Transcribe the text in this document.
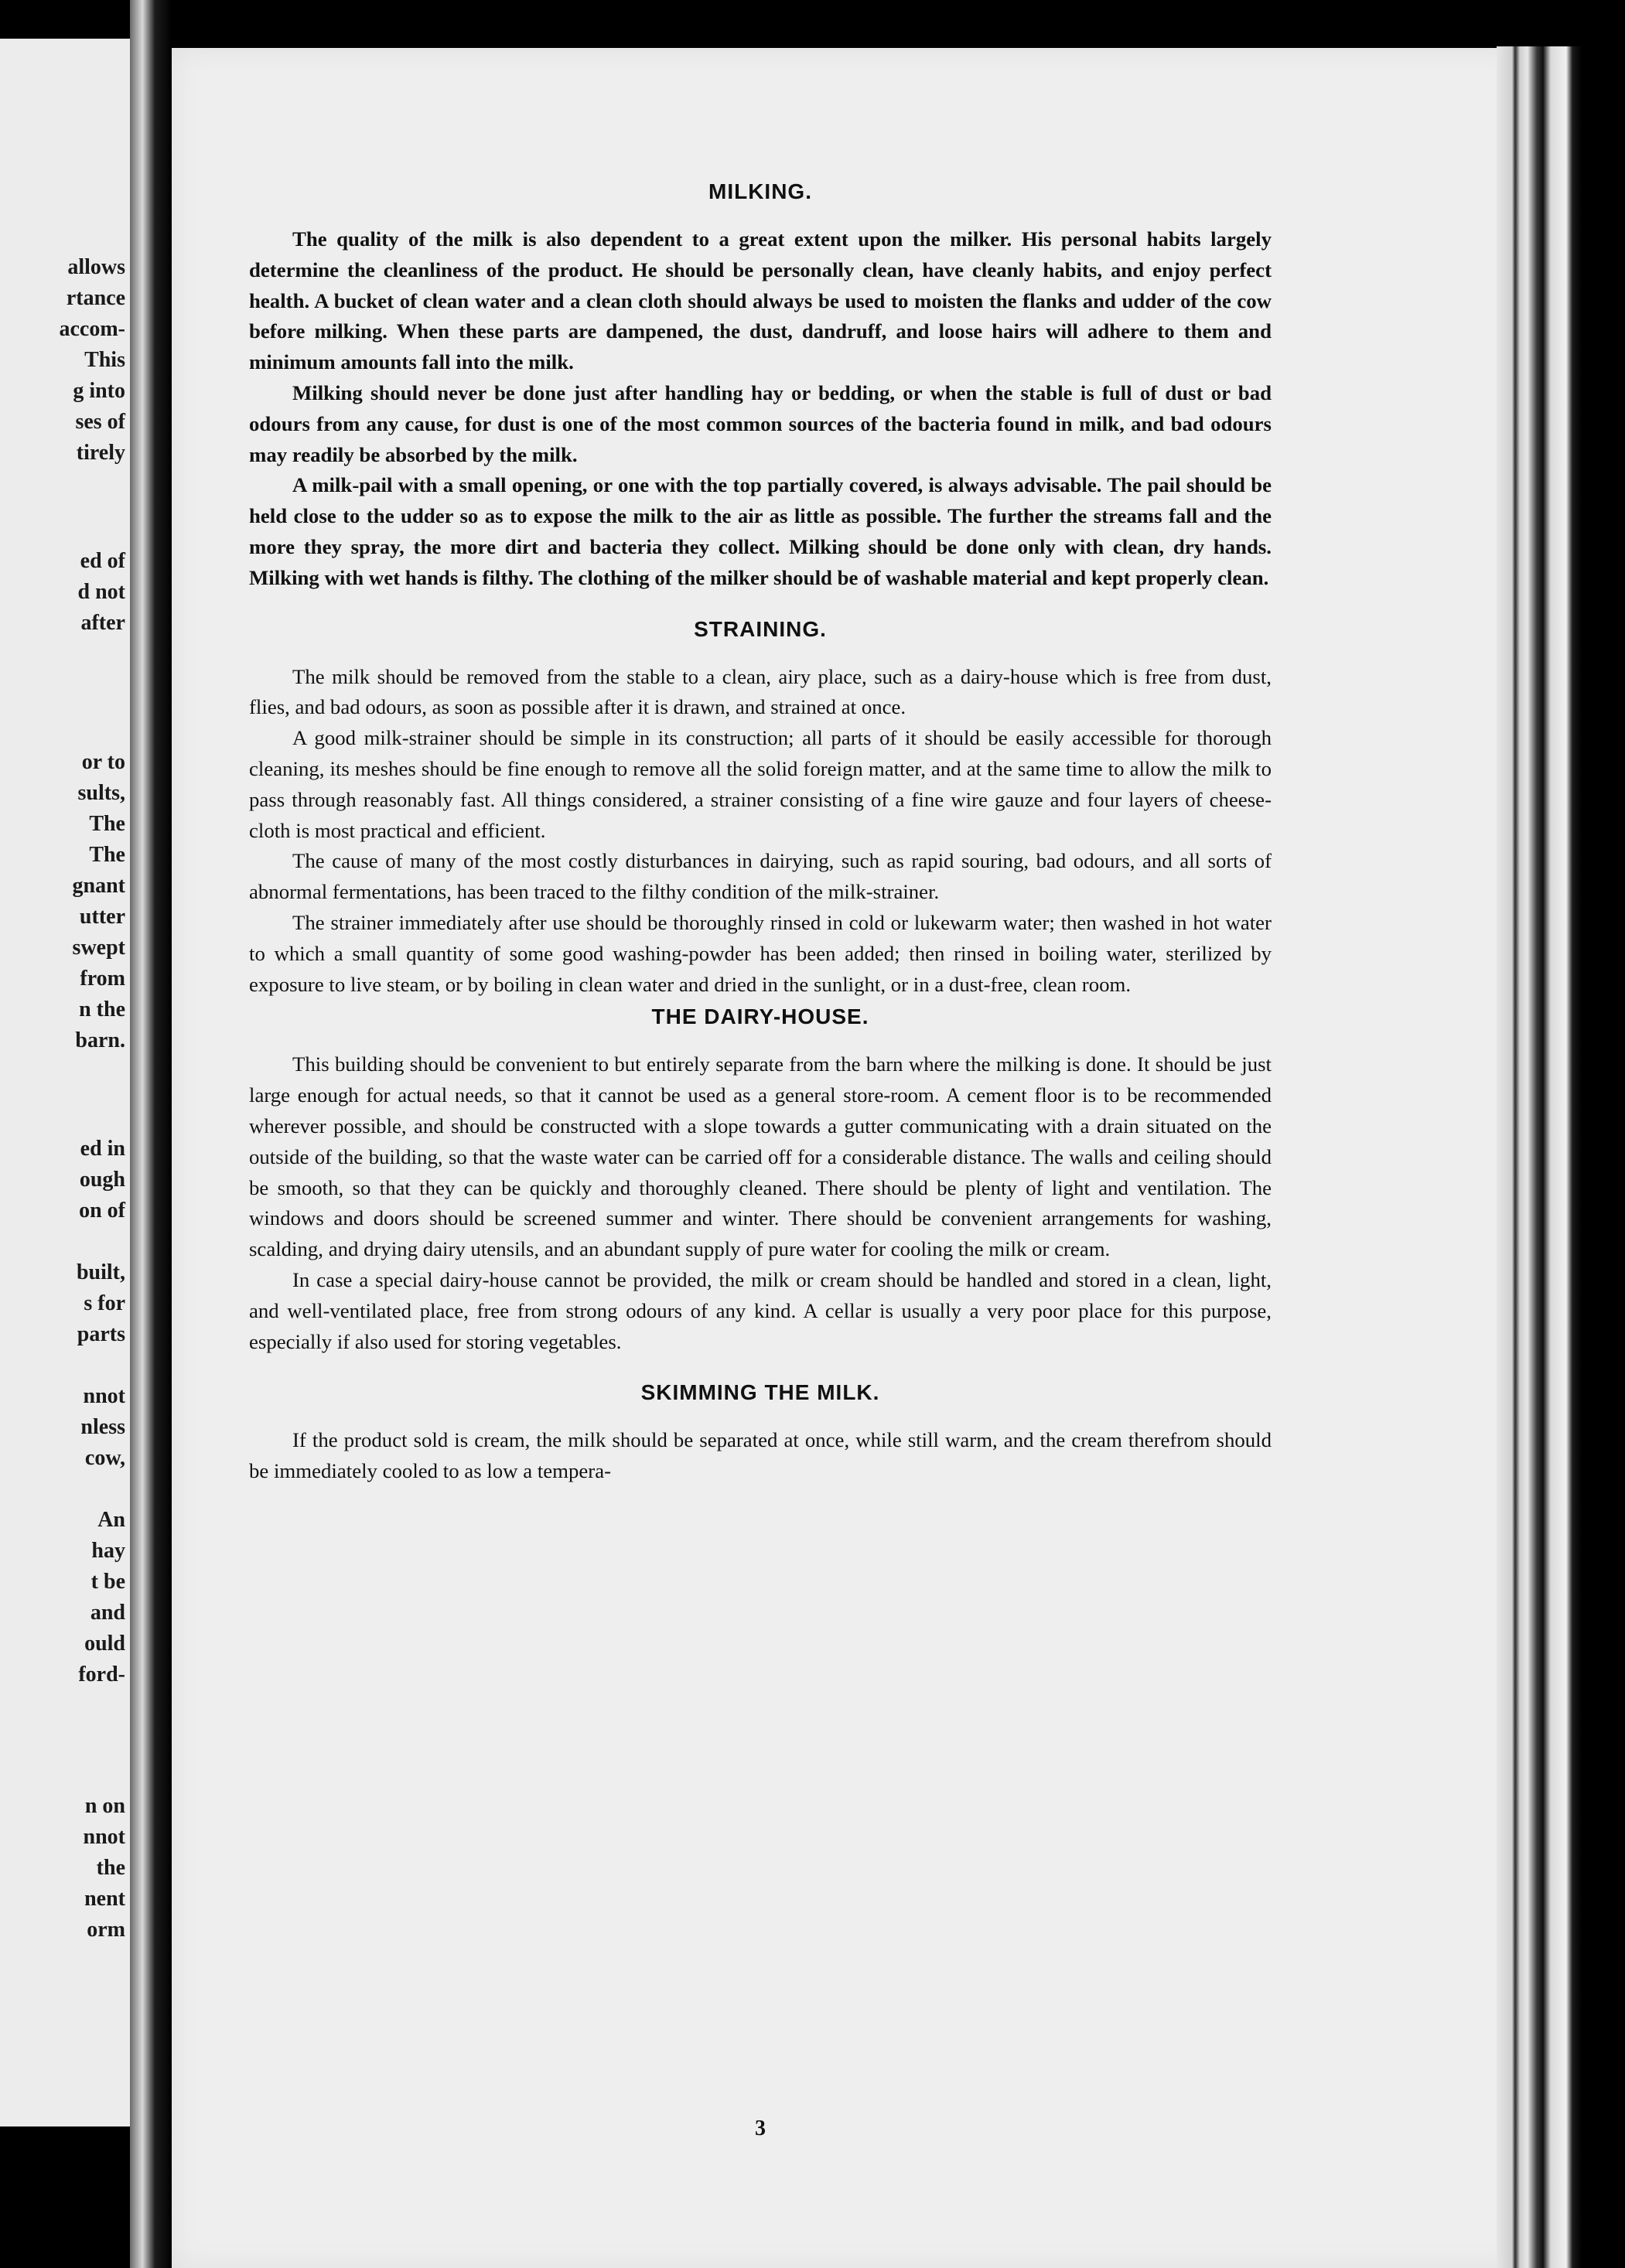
allows
rtance
accom-
This
g into
ses of
tirely
ed of
d not
after
or to
sults,
The
The
gnant
utter
swept
from
n the
barn.
ed in
ough
on of
built,
s for
parts
nnot
nless
cow,
An
hay
t be
and
ould
ford-
n on
nnot
the
nent
orm
MILKING.

The quality of the milk is also dependent to a great extent upon the milker. His personal habits largely determine the cleanliness of the product. He should be personally clean, have cleanly habits, and enjoy perfect health. A bucket of clean water and a clean cloth should always be used to moisten the flanks and udder of the cow before milking. When these parts are dampened, the dust, dandruff, and loose hairs will adhere to them and minimum amounts fall into the milk.

Milking should never be done just after handling hay or bedding, or when the stable is full of dust or bad odours from any cause, for dust is one of the most common sources of the bacteria found in milk, and bad odours may readily be absorbed by the milk.

A milk-pail with a small opening, or one with the top partially covered, is always advisable. The pail should be held close to the udder so as to expose the milk to the air as little as possible. The further the streams fall and the more they spray, the more dirt and bacteria they collect. Milking should be done only with clean, dry hands. Milking with wet hands is filthy. The clothing of the milker should be of washable material and kept properly clean.

STRAINING.

The milk should be removed from the stable to a clean, airy place, such as a dairy-house which is free from dust, flies, and bad odours, as soon as possible after it is drawn, and strained at once.

A good milk-strainer should be simple in its construction; all parts of it should be easily accessible for thorough cleaning, its meshes should be fine enough to remove all the solid foreign matter, and at the same time to allow the milk to pass through reasonably fast. All things considered, a strainer consisting of a fine wire gauze and four layers of cheese-cloth is most practical and efficient.

The cause of many of the most costly disturbances in dairying, such as rapid souring, bad odours, and all sorts of abnormal fermentations, has been traced to the filthy condition of the milk-strainer.

The strainer immediately after use should be thoroughly rinsed in cold or lukewarm water; then washed in hot water to which a small quantity of some good washing-powder has been added; then rinsed in boiling water, sterilized by exposure to live steam, or by boiling in clean water and dried in the sunlight, or in a dust-free, clean room.

THE DAIRY-HOUSE.

This building should be convenient to but entirely separate from the barn where the milking is done. It should be just large enough for actual needs, so that it cannot be used as a general store-room. A cement floor is to be recommended wherever possible, and should be constructed with a slope towards a gutter communicating with a drain situated on the outside of the building, so that the waste water can be carried off for a considerable distance. The walls and ceiling should be smooth, so that they can be quickly and thoroughly cleaned. There should be plenty of light and ventilation. The windows and doors should be screened summer and winter. There should be convenient arrangements for washing, scalding, and drying dairy utensils, and an abundant supply of pure water for cooling the milk or cream.

In case a special dairy-house cannot be provided, the milk or cream should be handled and stored in a clean, light, and well-ventilated place, free from strong odours of any kind. A cellar is usually a very poor place for this purpose, especially if also used for storing vegetables.

SKIMMING THE MILK.

If the product sold is cream, the milk should be separated at once, while still warm, and the cream therefrom should be immediately cooled to as low a tempera-

3
